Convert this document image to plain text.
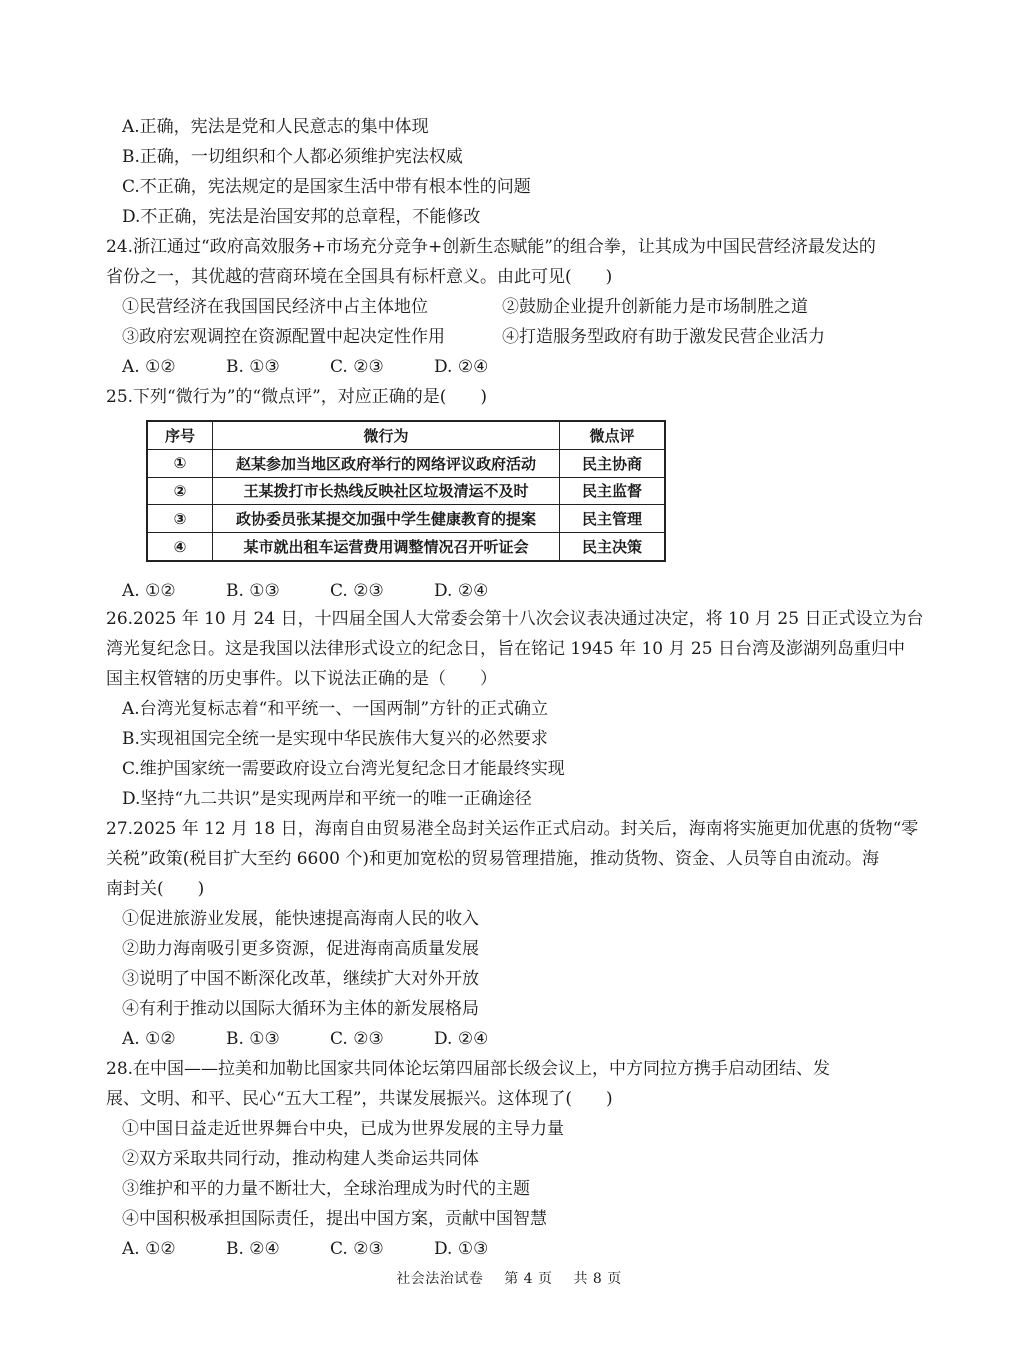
A.正确，宪法是党和人民意志的集中体现
B.正确，一切组织和个人都必须维护宪法权威
C.不正确，宪法规定的是国家生活中带有根本性的问题
D.不正确，宪法是治国安邦的总章程，不能修改
24.浙江通过“政府高效服务+市场充分竞争+创新生态赋能”的组合拳，让其成为中国民营经济最发达的
省份之一，其优越的营商环境在全国具有标杆意义。由此可见(　　)
①民营经济在我国国民经济中占主体地位	②鼓励企业提升创新能力是市场制胜之道
③政府宏观调控在资源配置中起决定性作用	④打造服务型政府有助于激发民营企业活力
A. ①②	B. ①③	C. ②③	D. ②④
25.下列“微行为”的“微点评”，对应正确的是(　　)
序号	微行为	微点评
①	赵某参加当地区政府举行的网络评议政府活动	民主协商
②	王某拨打市长热线反映社区垃圾清运不及时	民主监督
③	政协委员张某提交加强中学生健康教育的提案	民主管理
④	某市就出租车运营费用调整情况召开听证会	民主决策
A. ①②	B. ①③	C. ②③	D. ②④
26.2025 年 10 月 24 日，十四届全国人大常委会第十八次会议表决通过决定，将 10 月 25 日正式设立为台
湾光复纪念日。这是我国以法律形式设立的纪念日，旨在铭记 1945 年 10 月 25 日台湾及澎湖列岛重归中
国主权管辖的历史事件。以下说法正确的是（　　）
A.台湾光复标志着“和平统一、一国两制”方针的正式确立
B.实现祖国完全统一是实现中华民族伟大复兴的必然要求
C.维护国家统一需要政府设立台湾光复纪念日才能最终实现
D.坚持“九二共识”是实现两岸和平统一的唯一正确途径
27.2025 年 12 月 18 日，海南自由贸易港全岛封关运作正式启动。封关后，海南将实施更加优惠的货物“零
关税”政策(税目扩大至约 6600 个)和更加宽松的贸易管理措施，推动货物、资金、人员等自由流动。海
南封关(　　)
①促进旅游业发展，能快速提高海南人民的收入
②助力海南吸引更多资源，促进海南高质量发展
③说明了中国不断深化改革，继续扩大对外开放
④有利于推动以国际大循环为主体的新发展格局
A. ①②	B. ①③	C. ②③	D. ②④
28.在中国——拉美和加勒比国家共同体论坛第四届部长级会议上，中方同拉方携手启动团结、发
展、文明、和平、民心“五大工程”，共谋发展振兴。这体现了(　　)
①中国日益走近世界舞台中央，已成为世界发展的主导力量
②双方采取共同行动，推动构建人类命运共同体
③维护和平的力量不断壮大，全球治理成为时代的主题
④中国积极承担国际责任，提出中国方案，贡献中国智慧
A. ①②	B. ②④	C. ②③	D. ①③
社会法治试卷 第 4 页 共 8 页
